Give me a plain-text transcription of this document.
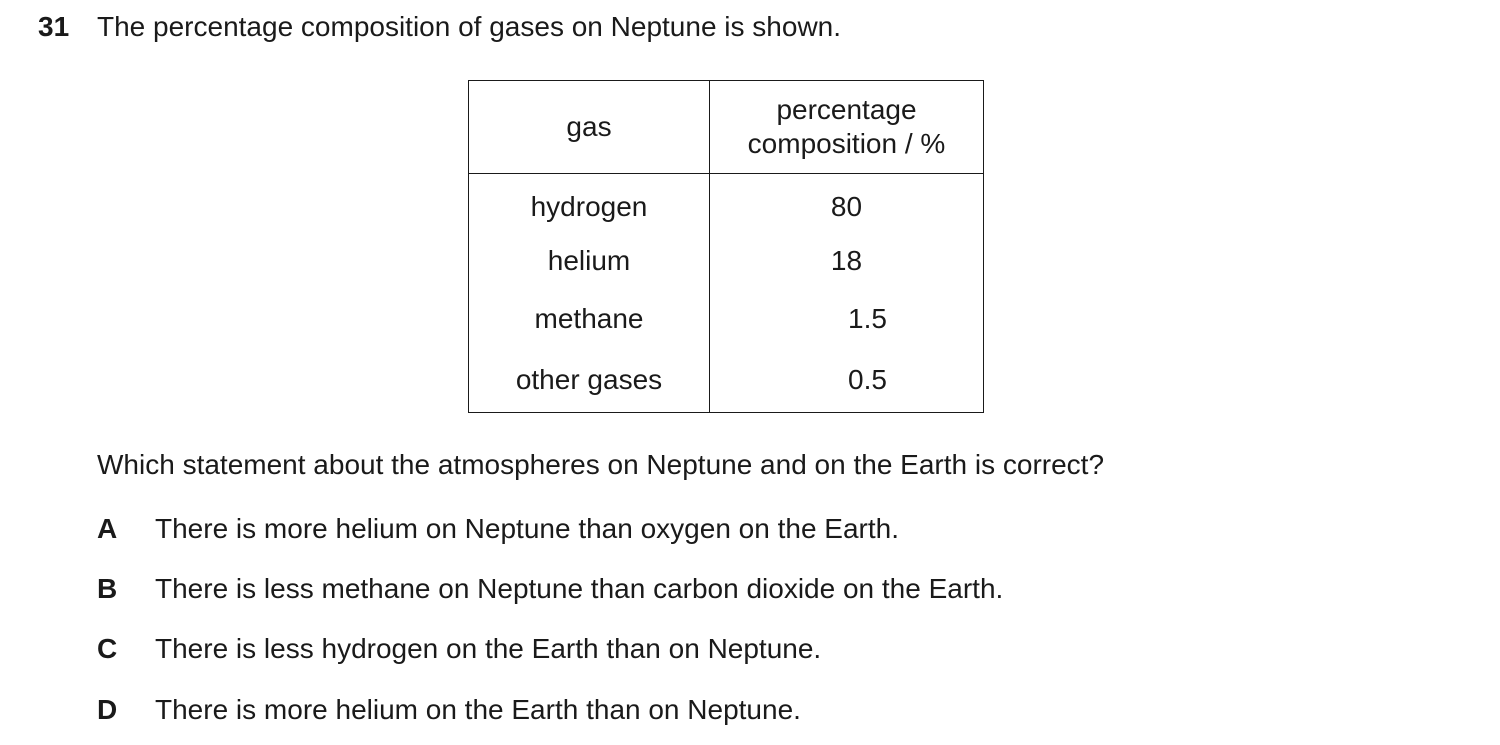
31 The percentage composition of gases on Neptune is shown.
gas	percentage
composition / %
hydrogen	80
helium	18
methane	1.5
other gases	0.5
Which statement about the atmospheres on Neptune and on the Earth is correct?
A There is more helium on Neptune than oxygen on the Earth.
B There is less methane on Neptune than carbon dioxide on the Earth.
C There is less hydrogen on the Earth than on Neptune.
D There is more helium on the Earth than on Neptune.
